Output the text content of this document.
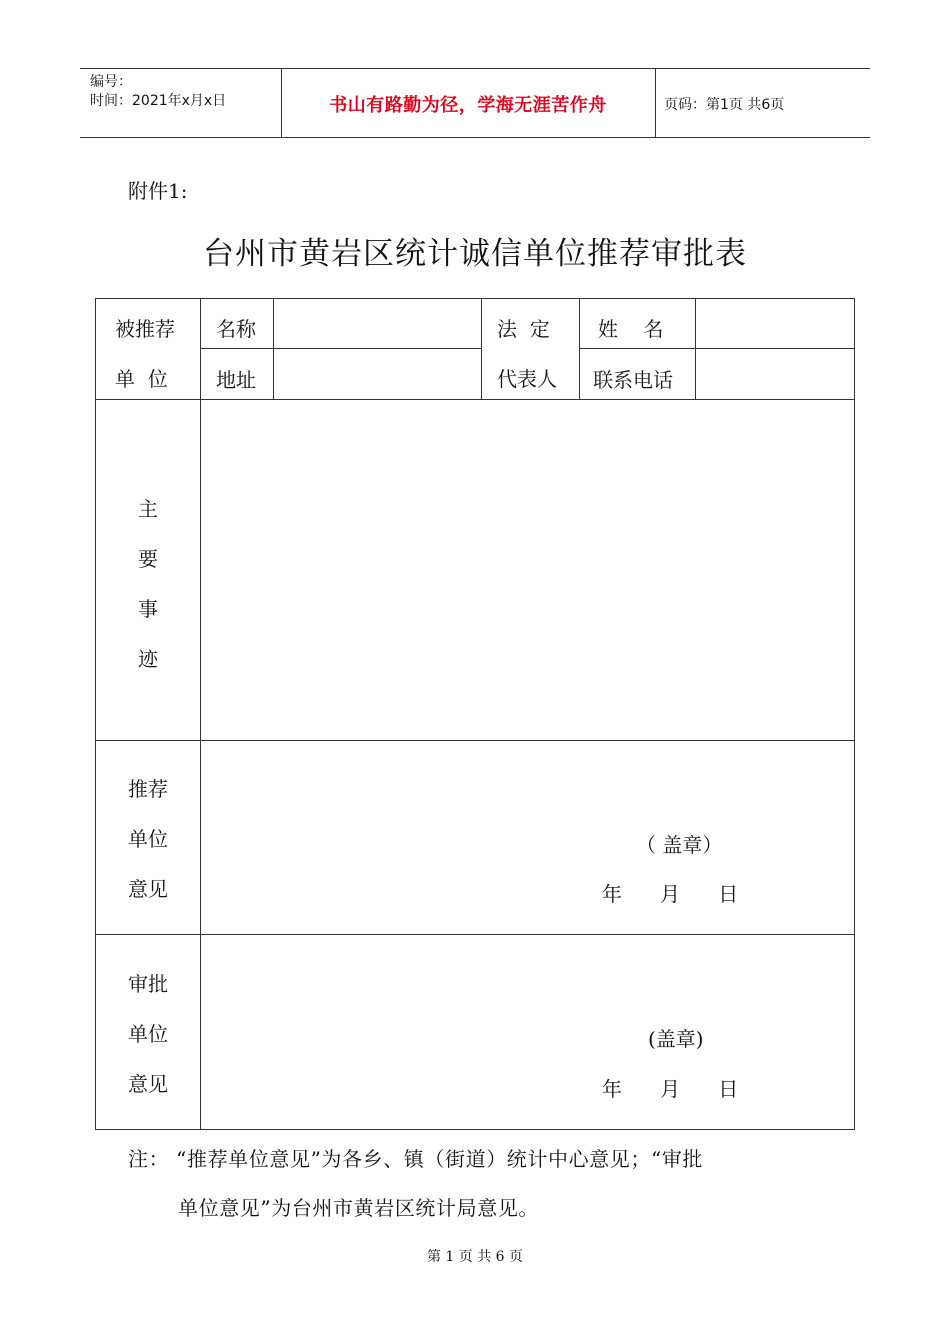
编号：
时间：2021年x月x日	书山有路勤为径，学海无涯苦作舟	页码：第1页 共6页
附件1:
台州市黄岩区统计诚信单位推荐审批表
被推荐
单  位
名称
地址
法  定
代表人
姓    名
联系电话
主
要
事
迹
推荐
单位
意见
（ 盖章）
年      月      日
审批
单位
意见
(盖章)
年      月      日
注： “推荐单位意见”为各乡、镇（街道）统计中心意见；“审批
单位意见”为台州市黄岩区统计局意见。
第 1 页 共 6 页
